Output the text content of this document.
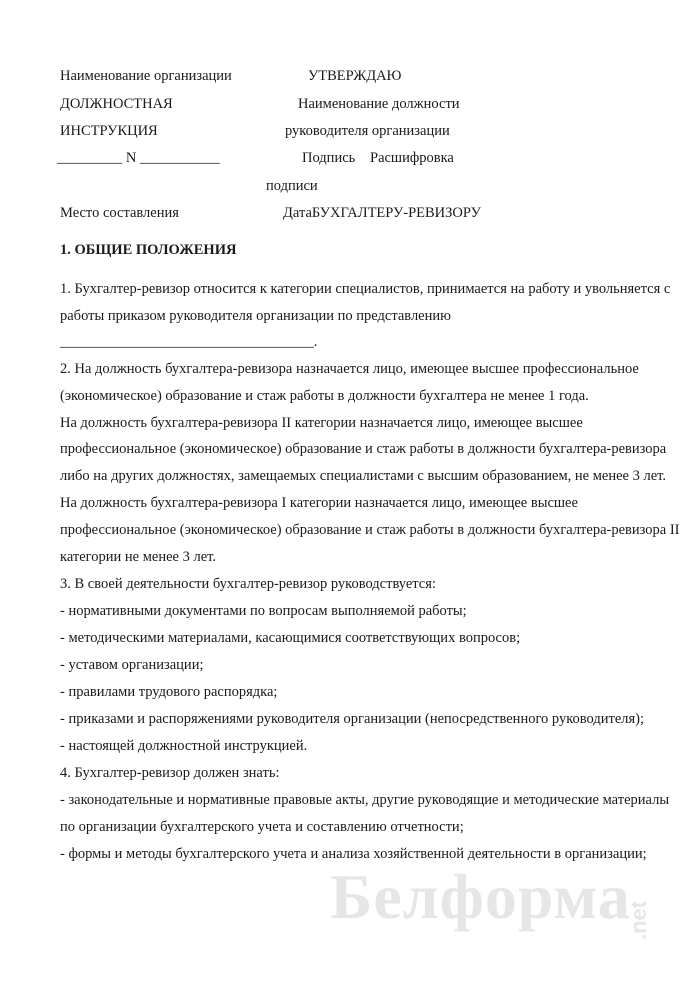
Наименование организации	УТВЕРЖДАЮ
ДОЛЖНОСТНАЯ	Наименование должности
ИНСТРУКЦИЯ	руководителя организации
_________ N ___________	Подпись Расшифровка
подписи
Место составления	ДатаБУХГАЛТЕРУ-РЕВИЗОРУ
1. ОБЩИЕ ПОЛОЖЕНИЯ
1. Бухгалтер-ревизор относится к категории специалистов, принимается на работу и увольняется с
работы приказом руководителя организации по представлению
___________________________________.
2. На должность бухгалтера-ревизора назначается лицо, имеющее высшее профессиональное
(экономическое) образование и стаж работы в должности бухгалтера не менее 1 года.
На должность бухгалтера-ревизора II категории назначается лицо, имеющее высшее
профессиональное (экономическое) образование и стаж работы в должности бухгалтера-ревизора
либо на других должностях, замещаемых специалистами с высшим образованием, не менее 3 лет.
На должность бухгалтера-ревизора I категории назначается лицо, имеющее высшее
профессиональное (экономическое) образование и стаж работы в должности бухгалтера-ревизора II
категории не менее 3 лет.
3. В своей деятельности бухгалтер-ревизор руководствуется:
- нормативными документами по вопросам выполняемой работы;
- методическими материалами, касающимися соответствующих вопросов;
- уставом организации;
- правилами трудового распорядка;
- приказами и распоряжениями руководителя организации (непосредственного руководителя);
- настоящей должностной инструкцией.
4. Бухгалтер-ревизор должен знать:
- законодательные и нормативные правовые акты, другие руководящие и методические материалы
по организации бухгалтерского учета и составлению отчетности;
- формы и методы бухгалтерского учета и анализа хозяйственной деятельности в организации;
Белформа
.net
